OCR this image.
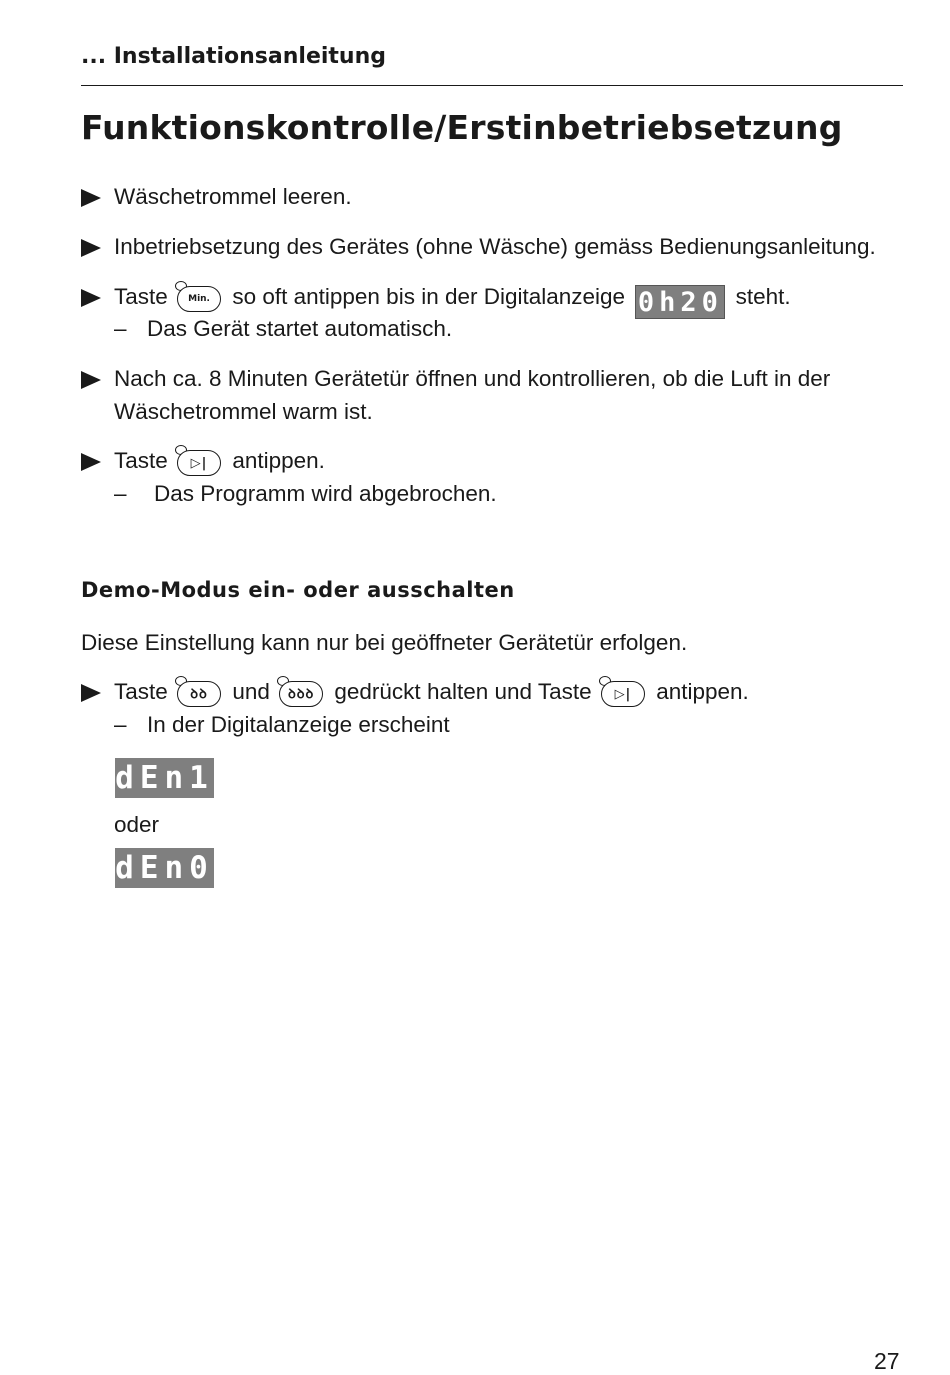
... Installationsanleitung
Funktionskontrolle/Erstinbetriebsetzung
Wäschetrommel leeren.
Inbetriebsetzung des Gerätes (ohne Wäsche) gemäss Bedienungsanleitung.
Taste	Min. so oft antippen bis in der Digitalanzeige 0h20 steht.
– Das Gerät startet automatisch.
Nach ca. 8 Minuten Gerätetür öffnen und kontrollieren, ob die Luft in der Wäschetrommel warm ist.
Taste	▷|	antippen.
– Das Programm wird abgebrochen.
Demo-Modus ein- oder ausschalten
Diese Einstellung kann nur bei geöffneter Gerätetür erfolgen.
Taste	ꝺꝺ	und	ꝺꝺꝺ gedrückt halten und Taste	▷|	antippen.
– In der Digitalanzeige erscheint
dEn1
oder
dEn0
27
